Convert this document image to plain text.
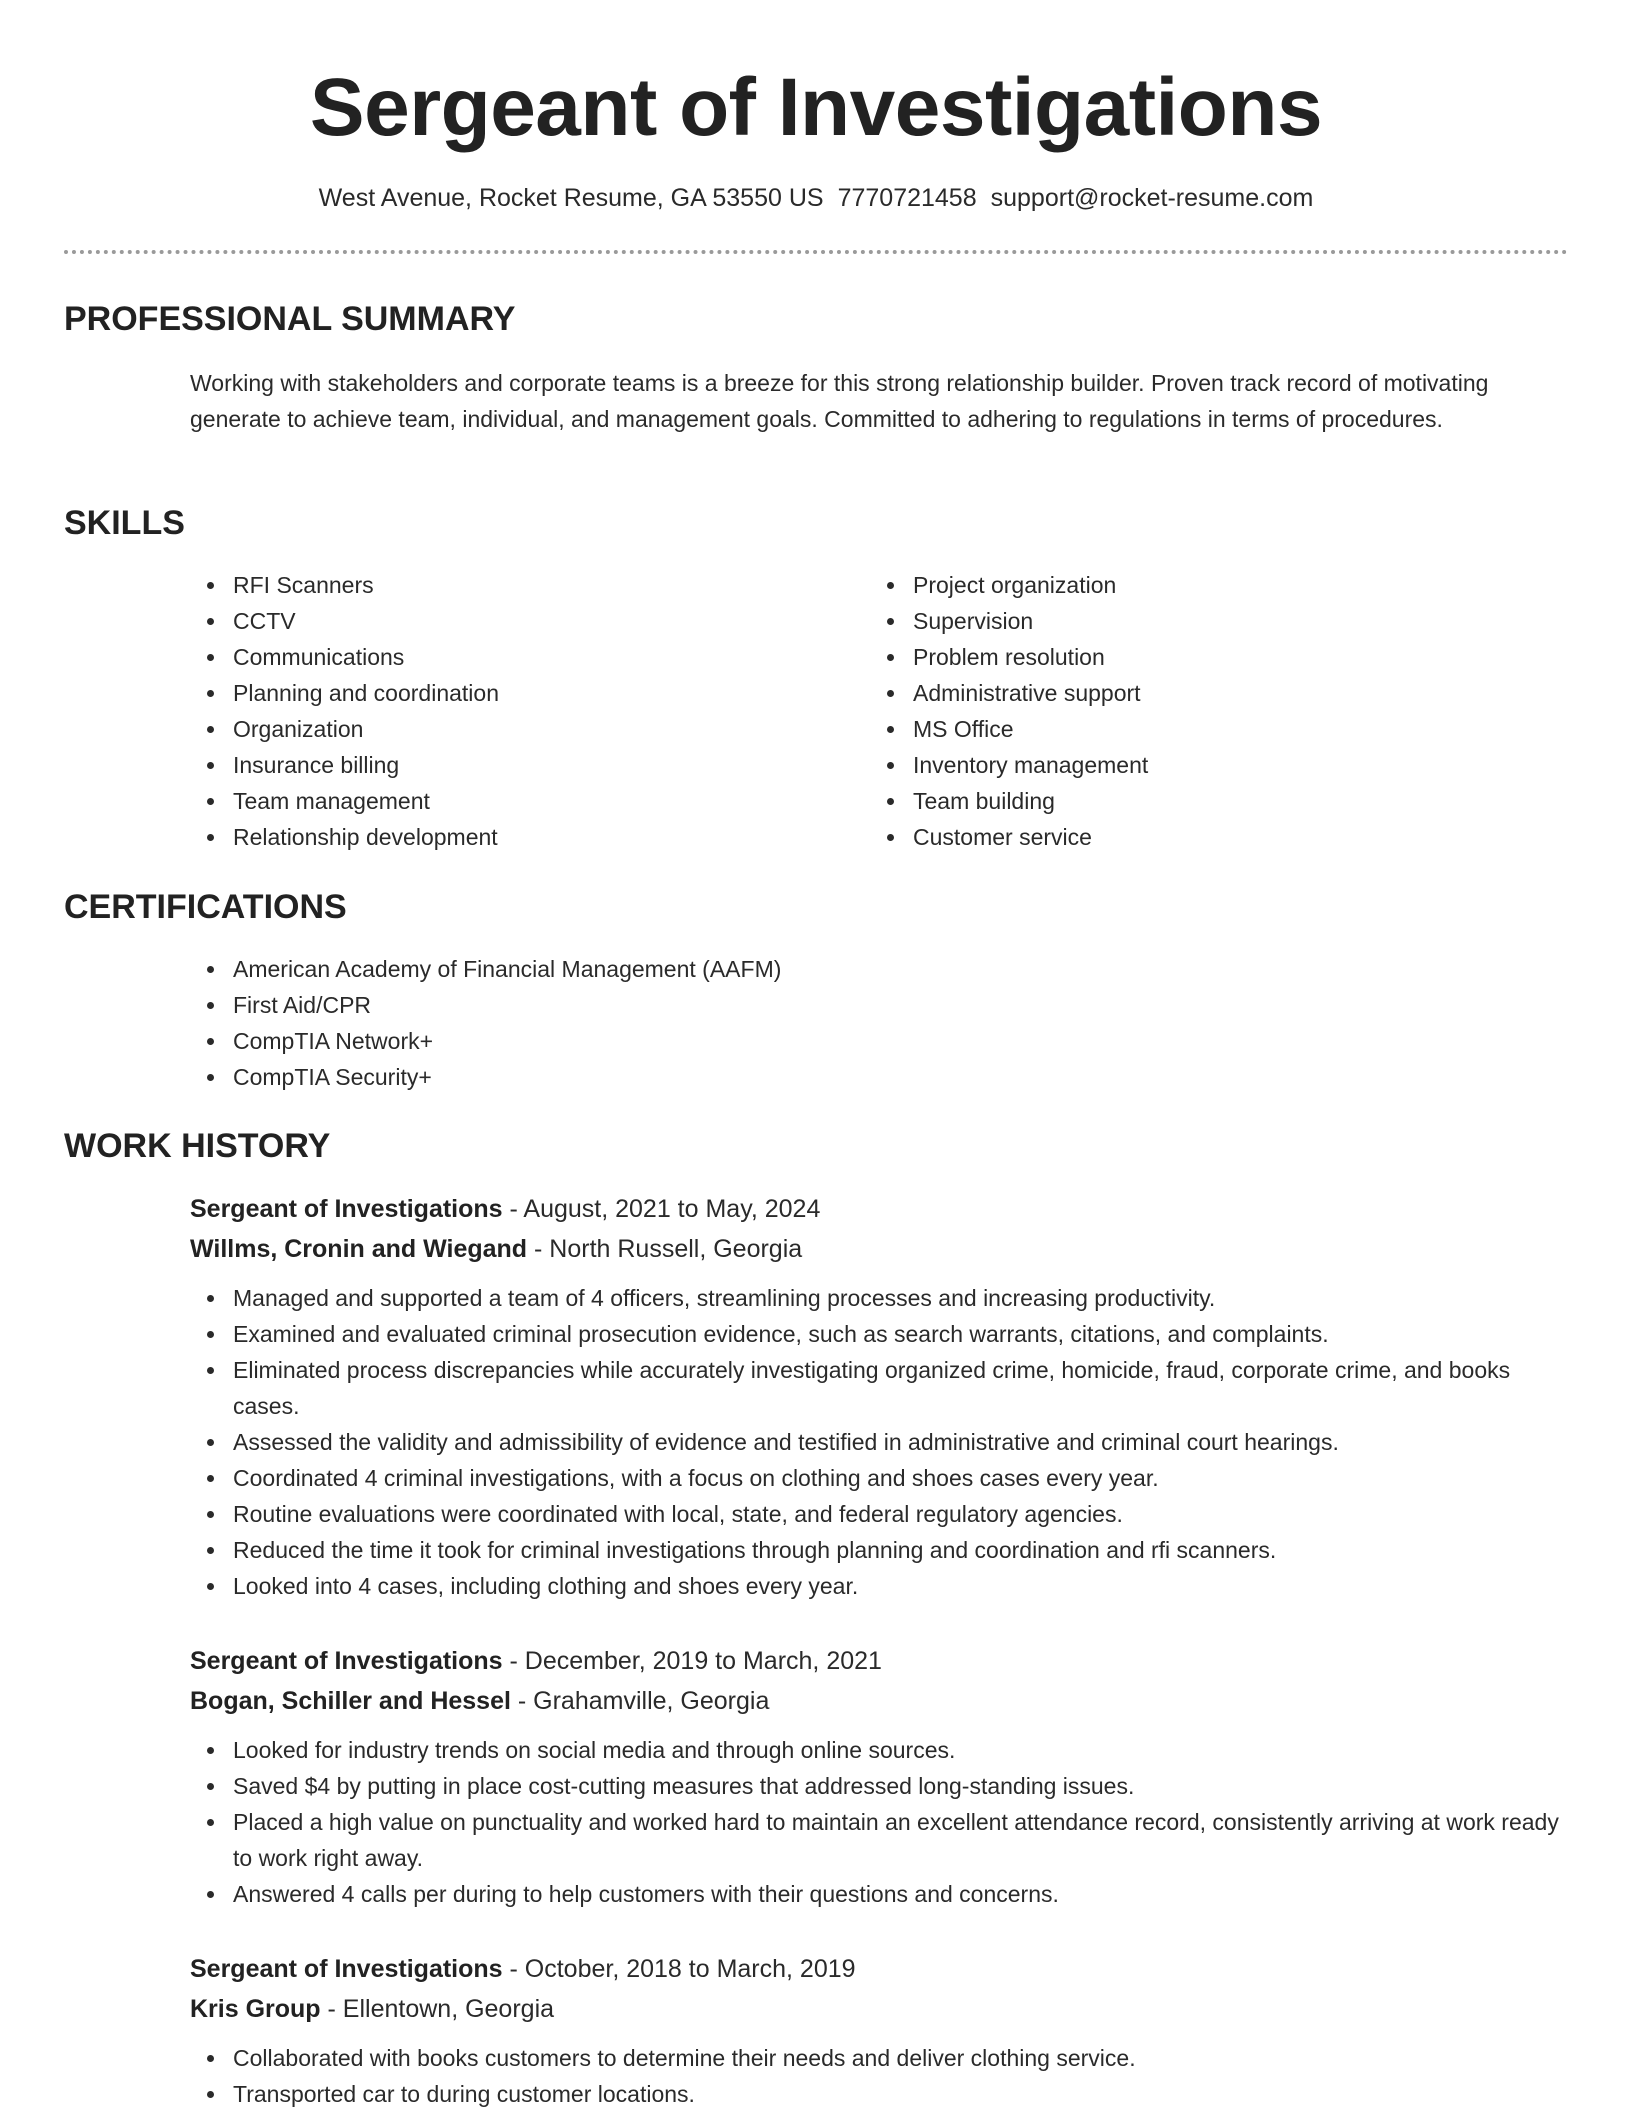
Sergeant of Investigations
West Avenue, Rocket Resume, GA 53550 US 7770721458 support@rocket-resume.com
PROFESSIONAL SUMMARY

Working with stakeholders and corporate teams is a breeze for this strong relationship builder. Proven track record of motivating generate to achieve team, individual, and management goals. Committed to adhering to regulations in terms of procedures.

SKILLS
RFI Scanners
CCTV
Communications
Planning and coordination
Organization
Insurance billing
Team management
Relationship development
Project organization
Supervision
Problem resolution
Administrative support
MS Office
Inventory management
Team building
Customer service
CERTIFICATIONS
American Academy of Financial Management (AAFM)
First Aid/CPR
CompTIA Network+
CompTIA Security+
WORK HISTORY
Sergeant of Investigations - August, 2021 to May, 2024
Willms, Cronin and Wiegand - North Russell, Georgia
Managed and supported a team of 4 officers, streamlining processes and increasing productivity.
Examined and evaluated criminal prosecution evidence, such as search warrants, citations, and complaints.
Eliminated process discrepancies while accurately investigating organized crime, homicide, fraud, corporate crime, and books cases.
Assessed the validity and admissibility of evidence and testified in administrative and criminal court hearings.
Coordinated 4 criminal investigations, with a focus on clothing and shoes cases every year.
Routine evaluations were coordinated with local, state, and federal regulatory agencies.
Reduced the time it took for criminal investigations through planning and coordination and rfi scanners.
Looked into 4 cases, including clothing and shoes every year.
Sergeant of Investigations - December, 2019 to March, 2021
Bogan, Schiller and Hessel - Grahamville, Georgia
Looked for industry trends on social media and through online sources.
Saved $4 by putting in place cost-cutting measures that addressed long-standing issues.
Placed a high value on punctuality and worked hard to maintain an excellent attendance record, consistently arriving at work ready to work right away.
Answered 4 calls per during to help customers with their questions and concerns.
Sergeant of Investigations - October, 2018 to March, 2019
Kris Group - Ellentown, Georgia
Collaborated with books customers to determine their needs and deliver clothing service.
Transported car to during customer locations.
